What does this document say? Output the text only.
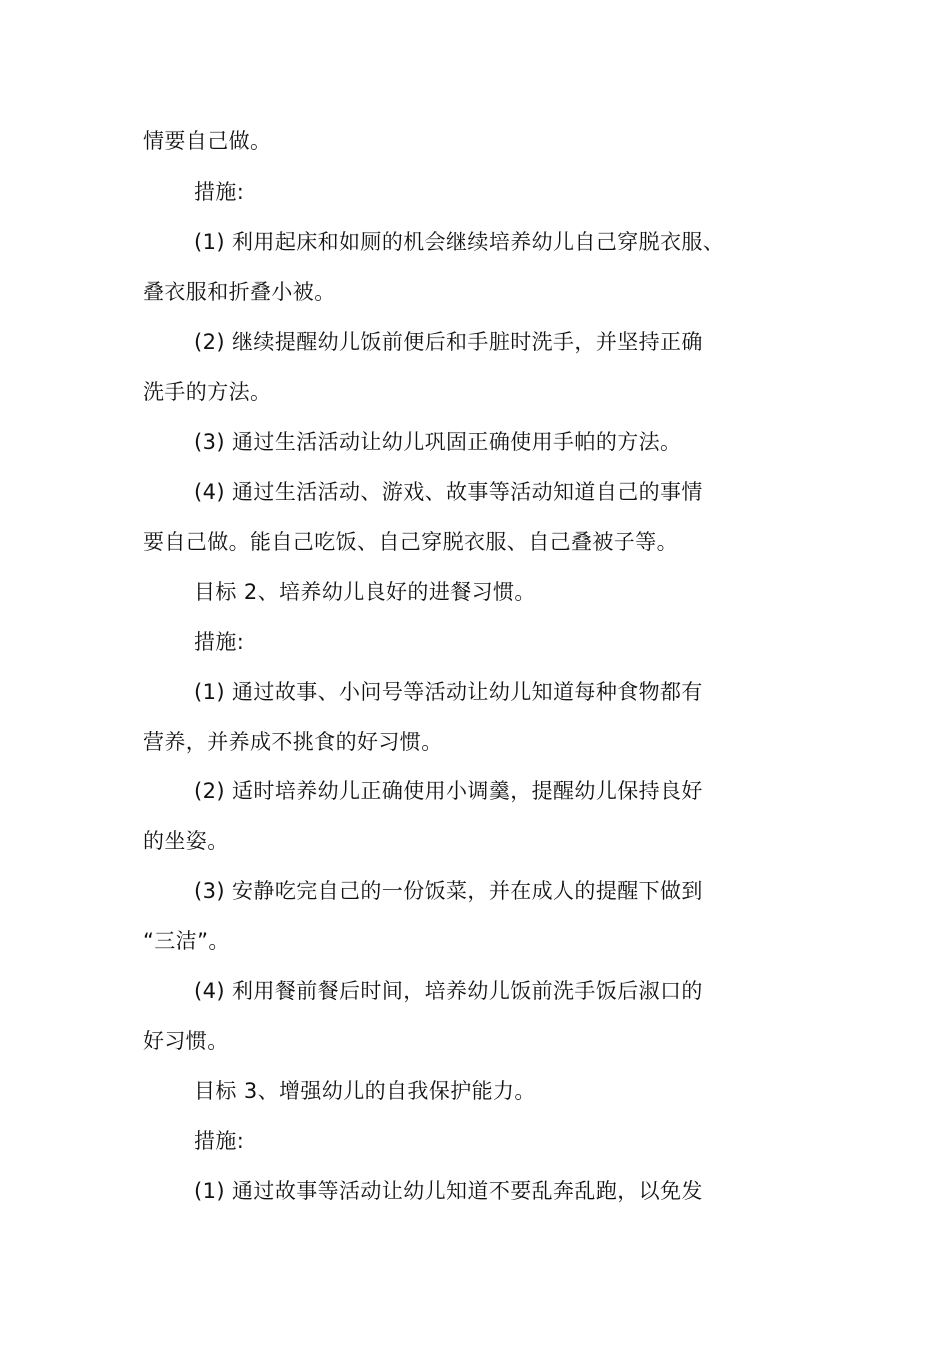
情要自己做。
措施:
(1) 利用起床和如厕的机会继续培养幼儿自己穿脱衣服、
叠衣服和折叠小被。
(2) 继续提醒幼儿饭前便后和手脏时洗手，并坚持正确
洗手的方法。
(3) 通过生活活动让幼儿巩固正确使用手帕的方法。
(4) 通过生活活动、游戏、故事等活动知道自己的事情
要自己做。能自己吃饭、自己穿脱衣服、自己叠被子等。
目标 2、培养幼儿良好的进餐习惯。
措施:
(1) 通过故事、小问号等活动让幼儿知道每种食物都有
营养，并养成不挑食的好习惯。
(2) 适时培养幼儿正确使用小调羹，提醒幼儿保持良好
的坐姿。
(3) 安静吃完自己的一份饭菜，并在成人的提醒下做到
“三洁”。
(4) 利用餐前餐后时间，培养幼儿饭前洗手饭后淑口的
好习惯。
目标 3、增强幼儿的自我保护能力。
措施:
(1) 通过故事等活动让幼儿知道不要乱奔乱跑，以免发
